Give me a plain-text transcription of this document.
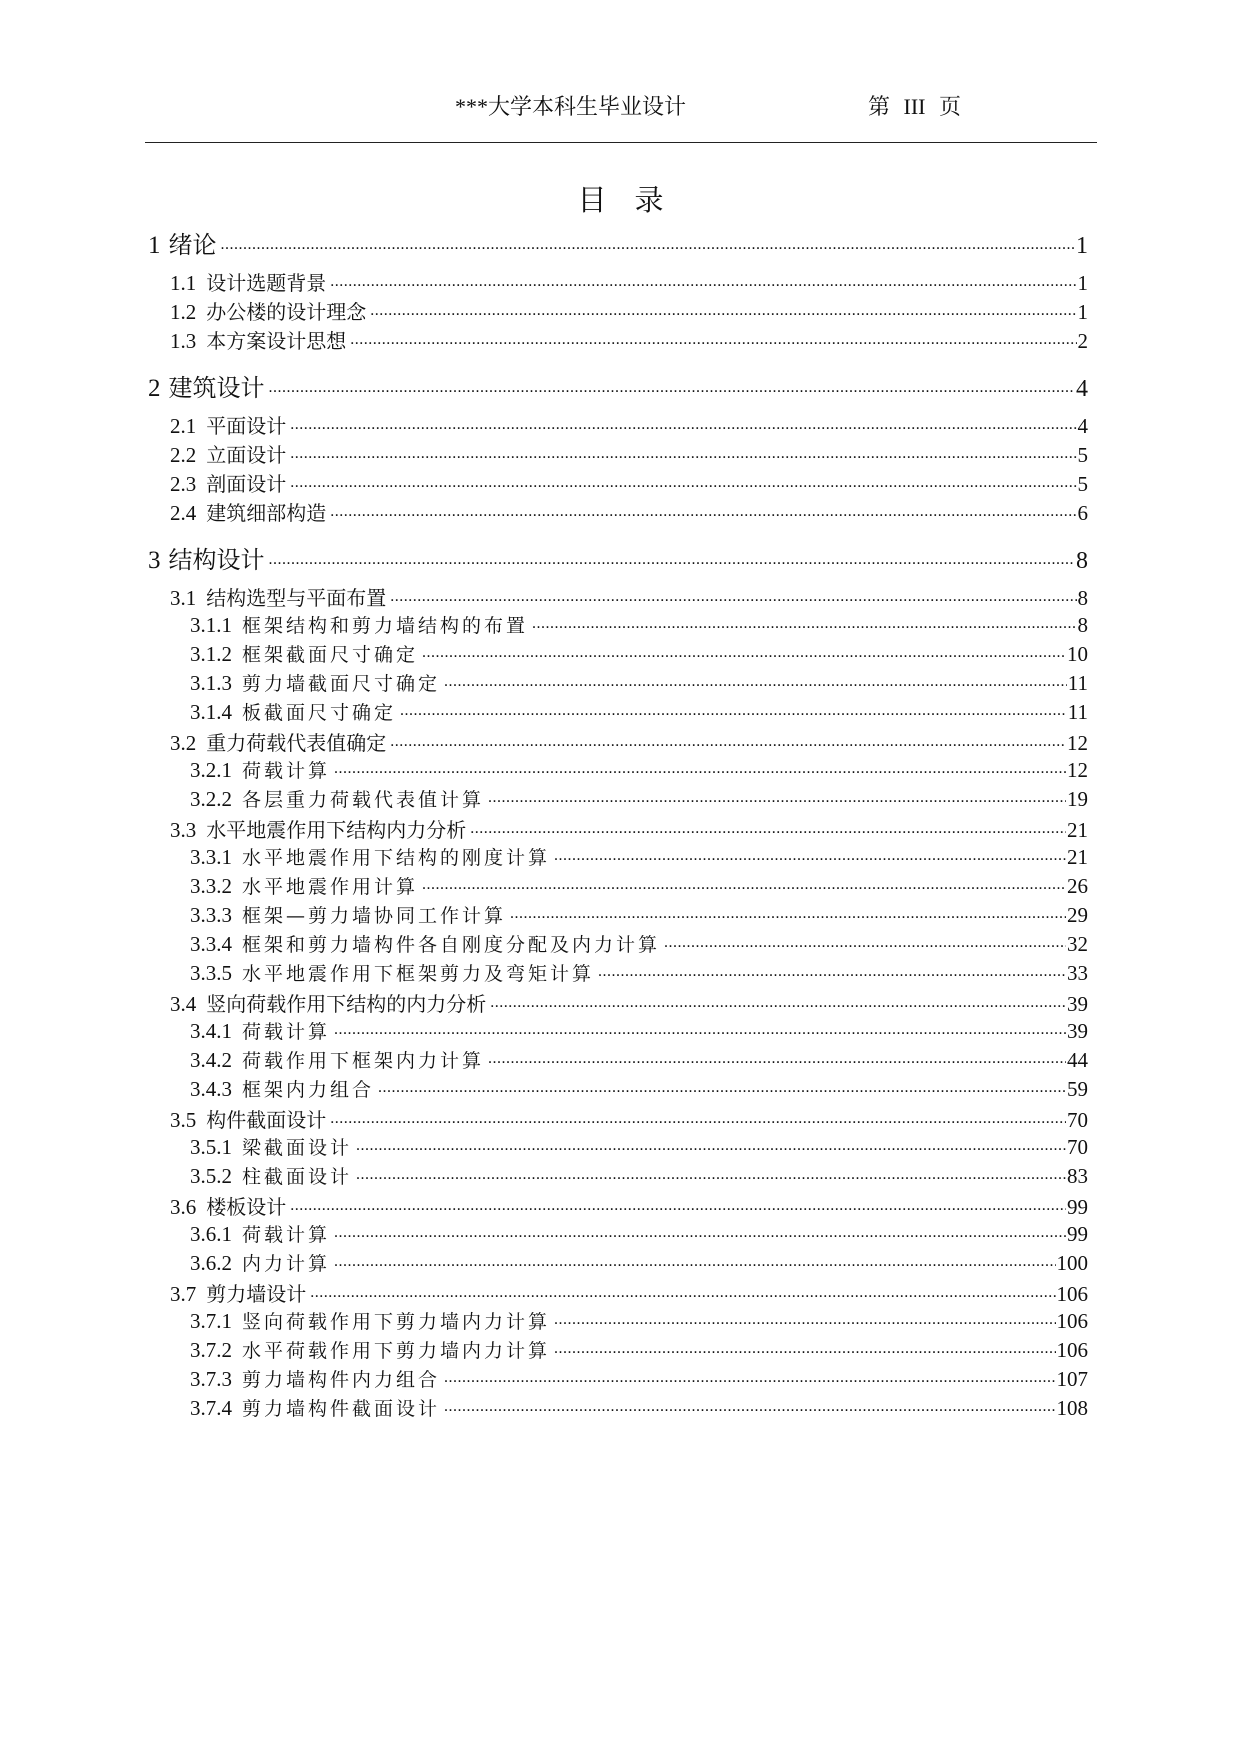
***大学本科生毕业设计	第 III 页
目录
1 绪论 .....	1
1.1 设计选题背景 .....	1
1.2 办公楼的设计理念 .....	1
1.3 本方案设计思想 .....	2
2 建筑设计 .....	4
2.1 平面设计 .....	4
2.2 立面设计 .....	5
2.3 剖面设计 .....	5
2.4 建筑细部构造 .....	6
3 结构设计 .....	8
3.1 结构选型与平面布置 .....	8
3.1.1 框架结构和剪力墙结构的布置 .....	8
3.1.2 框架截面尺寸确定 .....	10
3.1.3 剪力墙截面尺寸确定 .....	11
3.1.4 板截面尺寸确定 .....	11
3.2 重力荷载代表值确定 .....	12
3.2.1 荷载计算 .....	12
3.2.2 各层重力荷载代表值计算 .....	19
3.3 水平地震作用下结构内力分析 .....	21
3.3.1 水平地震作用下结构的刚度计算 .....	21
3.3.2 水平地震作用计算 .....	26
3.3.3 框架—剪力墙协同工作计算 .....	29
3.3.4 框架和剪力墙构件各自刚度分配及内力计算 .....	32
3.3.5 水平地震作用下框架剪力及弯矩计算 .....	33
3.4 竖向荷载作用下结构的内力分析 .....	39
3.4.1 荷载计算 .....	39
3.4.2 荷载作用下框架内力计算 .....	44
3.4.3 框架内力组合 .....	59
3.5 构件截面设计 .....	70
3.5.1 梁截面设计 .....	70
3.5.2 柱截面设计 .....	83
3.6 楼板设计 .....	99
3.6.1 荷载计算 .....	99
3.6.2 内力计算 .....	100
3.7 剪力墙设计 .....	106
3.7.1 竖向荷载作用下剪力墙内力计算 .....	106
3.7.2 水平荷载作用下剪力墙内力计算 .....	106
3.7.3 剪力墙构件内力组合 .....	107
3.7.4 剪力墙构件截面设计 .....	108
